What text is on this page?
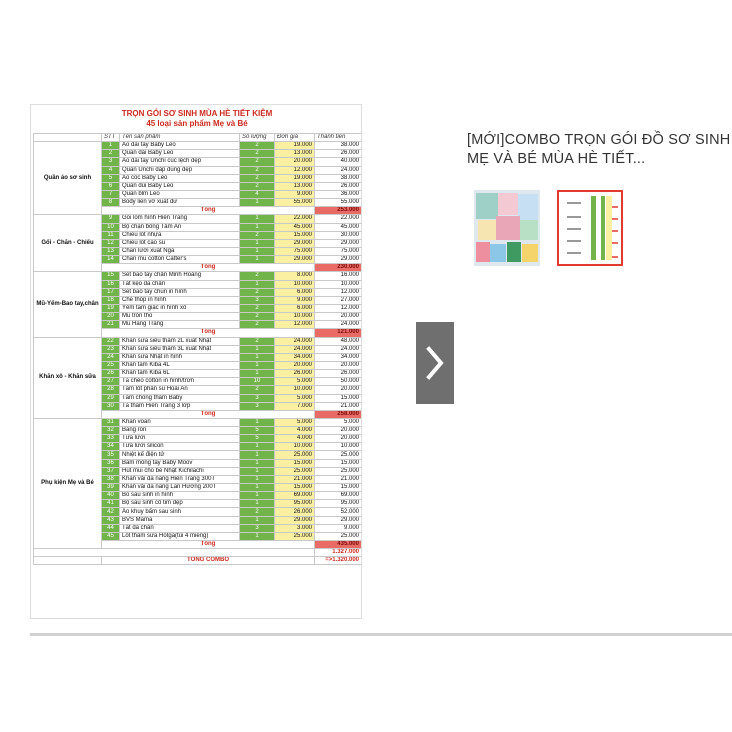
TRỌN GÓI SƠ SINH MÙA HÈ TIẾT KIỆM
45 loại sản phẩm Mẹ và Bé
	STT	Tên sản phẩm	Số lượng	Đơn giá	Thành tiền
Quần áo sơ sinh	1	Áo dài tay Baby Leo	2	19.000	38.000
	2	Quần dài Baby Leo	2	13.000	26.000
	3	Áo dài tay Unchi cúc lệch đẹp	2	20.000	40.000
	4	Quần Unchi đáp đũng đẹp	2	12.000	24.000
	5	Áo cốc Baby Leo	2	19.000	38.000
	6	Quần đùi Baby Leo	2	13.000	26.000
	7	Quần bỉm Leo	4	9.000	36.000
	8	Body liền vớ xuất dư	1	55.000	55.000
	Tổng				253.000
Gối - Chăn - Chiếu	9	Gối lõm hình Hiền Trang	1	22.000	22.000
	10	Bộ chặn bông Tâm An	1	45.000	45.000
	11	Chiếu lót nhựa	2	15.000	30.000
	12	Chiếu lót cao su	1	29.000	29.000
	13	Chăn lưới xuất Nga	1	75.000	75.000
	14	Chăn mũ cotton Catter's	1	29.000	29.000
	Tổng				230.000
Mũ-Yếm-Bao tay,chân	15	Set bao tay chân Minh Hoàng	2	8.000	16.000
	16	Tất kẹo đa chân	1	10.000	10.000
	17	Set bao tay chun in hình	2	6.000	12.000
	18	Che thóp in hình	3	9.000	27.000
	19	Yếm tam giác in hình xô	2	6.000	12.000
	20	Mũ tròn thỏ	2	10.000	20.000
	21	Mũ Hằng Trang	2	12.000	24.000
	Tổng				121.000
Khăn xô - Khăn sữa	22	Khăn sữa siêu thấm 2L xuất Nhật	2	24.000	48.000
	23	Khăn sữa siêu thấm 3L xuất Nhật	1	24.000	24.000
	24	Khăn sữa Nhật in hình	1	34.000	34.000
	25	Khăn tắm Kiba 4L	1	20.000	20.000
	26	Khăn tắm Kiba 6L	1	26.000	26.000
	27	Tã chéo cotton in hình/trơn	10	5.000	50.000
	28	Tấm lót phân su Hoài An	2	10.000	20.000
	29	Tấm chống thấm Baby	3	5.000	15.000
	30	Tã thấm Hiền Trang 3 lớp	3	7.000	21.000
	Tổng				258.000
Phụ kiện Mẹ và Bé	31	Khăn voan	1	5.000	5.000
	32	Băng rốn	5	4.000	20.000
	33	Tưa lưỡi	5	4.000	20.000
	34	Tưa lưỡi silicon	1	10.000	10.000
	35	Nhiệt kế điện tử	1	25.000	25.000
	36	Bấm móng tay Baby Moov	1	15.000	15.000
	37	Hút mũi cho bé Nhật Kichilachi	1	25.000	25.000
	38	Khăn vải đa năng Hiền Trang 300T	1	21.000	21.000
	39	Khăn vải đa năng Lan Hương 200T	1	15.000	15.000
	40	Bỏ sau sinh in hình	1	69.000	69.000
	41	Bộ sau sinh cổ tim đẹp	1	95.000	95.000
	42	Áo khuy bấm sau sinh	2	26.000	52.000
	43	BVS Mama	1	29.000	29.000
	44	Tất đa chân	3	3.000	9.000
	45	Lót thấm sữa Hotga(túi 4 miếng)	1	25.000	25.000
	Tổng				435.000
					1.327.000
	TỔNG COMBO				=>1.320.000
[MỚI]COMBO TRỌN GÓI ĐỒ SƠ SINH MẸ VÀ BÉ MÙA HÈ TIẾT...
